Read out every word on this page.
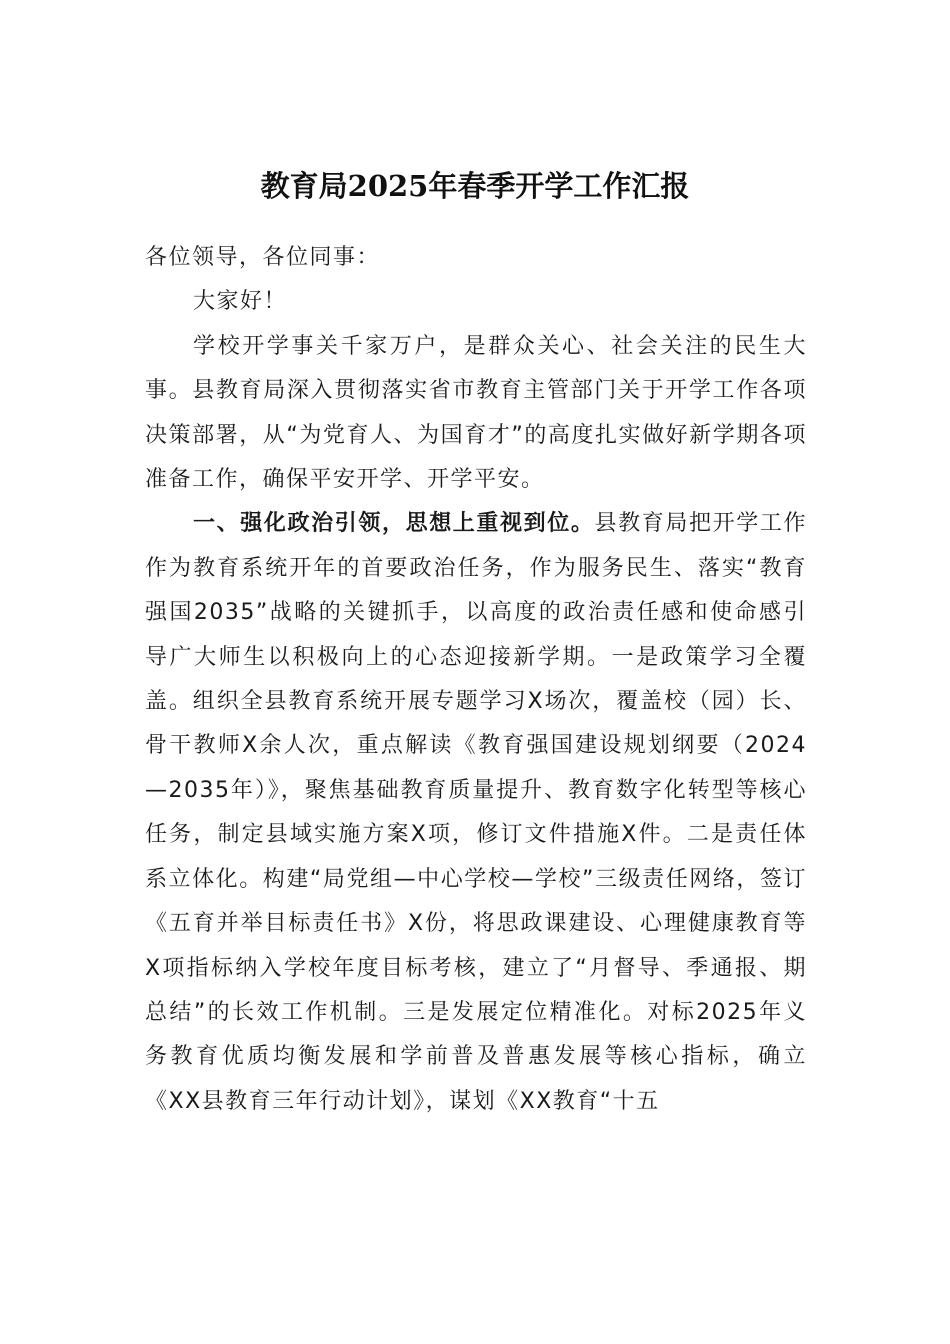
教育局2025年春季开学工作汇报

各位领导，各位同事：

大家好！

学校开学事关千家万户，是群众关心、社会关注的民生大事。县教育局深入贯彻落实省市教育主管部门关于开学工作各项决策部署，从“为党育人、为国育才”的高度扎实做好新学期各项准备工作，确保平安开学、开学平安。

一、强化政治引领，思想上重视到位。县教育局把开学工作作为教育系统开年的首要政治任务，作为服务民生、落实“教育强国2035”战略的关键抓手，以高度的政治责任感和使命感引导广大师生以积极向上的心态迎接新学期。一是政策学习全覆盖。组织全县教育系统开展专题学习X场次，覆盖校（园）长、骨干教师X余人次，重点解读《教育强国建设规划纲要（2024—2035年）》，聚焦基础教育质量提升、教育数字化转型等核心任务，制定县域实施方案X项，修订文件措施X件。二是责任体系立体化。构建“局党组—中心学校—学校”三级责任网络，签订《五育并举目标责任书》X份，将思政课建设、心理健康教育等X项指标纳入学校年度目标考核，建立了“月督导、季通报、期总结”的长效工作机制。三是发展定位精准化。对标2025年义务教育优质均衡发展和学前普及普惠发展等核心指标，确立《XX县教育三年行动计划》，谋划《XX教育“十五
